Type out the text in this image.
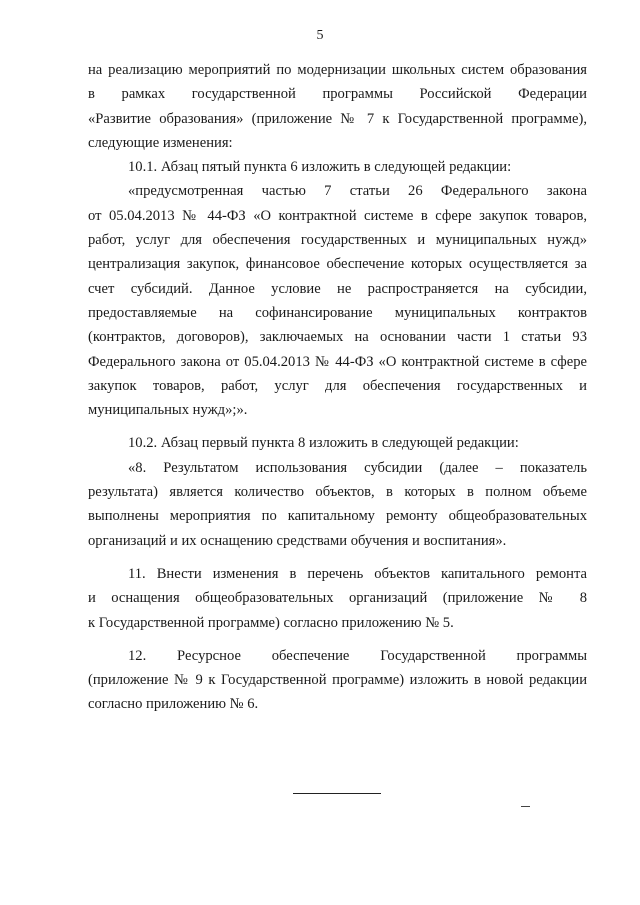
5
на реализацию мероприятий по модернизации школьных систем образования
в рамках государственной программы Российской Федерации
«Развитие образования» (приложение № 7 к Государственной программе),
следующие изменения:
10.1. Абзац пятый пункта 6 изложить в следующей редакции:
«предусмотренная частью 7 статьи 26 Федерального закона
от 05.04.2013 № 44-ФЗ «О контрактной системе в сфере закупок товаров,
работ, услуг для обеспечения государственных и муниципальных нужд»
централизация закупок, финансовое обеспечение которых осуществляется за
счет субсидий. Данное условие не распространяется на субсидии,
предоставляемые на софинансирование муниципальных контрактов
(контрактов, договоров), заключаемых на основании части 1 статьи 93
Федерального закона от 05.04.2013 № 44-ФЗ «О контрактной системе в сфере
закупок товаров, работ, услуг для обеспечения государственных и
муниципальных нужд»;».
10.2. Абзац первый пункта 8 изложить в следующей редакции:
«8. Результатом использования субсидии (далее – показатель
результата) является количество объектов, в которых в полном объеме
выполнены мероприятия по капитальному ремонту общеобразовательных
организаций и их оснащению средствами обучения и воспитания».
11. Внести изменения в перечень объектов капитального ремонта
и оснащения общеобразовательных организаций (приложение № 8
к Государственной программе) согласно приложению № 5.
12. Ресурсное обеспечение Государственной программы
(приложение № 9 к Государственной программе) изложить в новой редакции
согласно приложению № 6.
